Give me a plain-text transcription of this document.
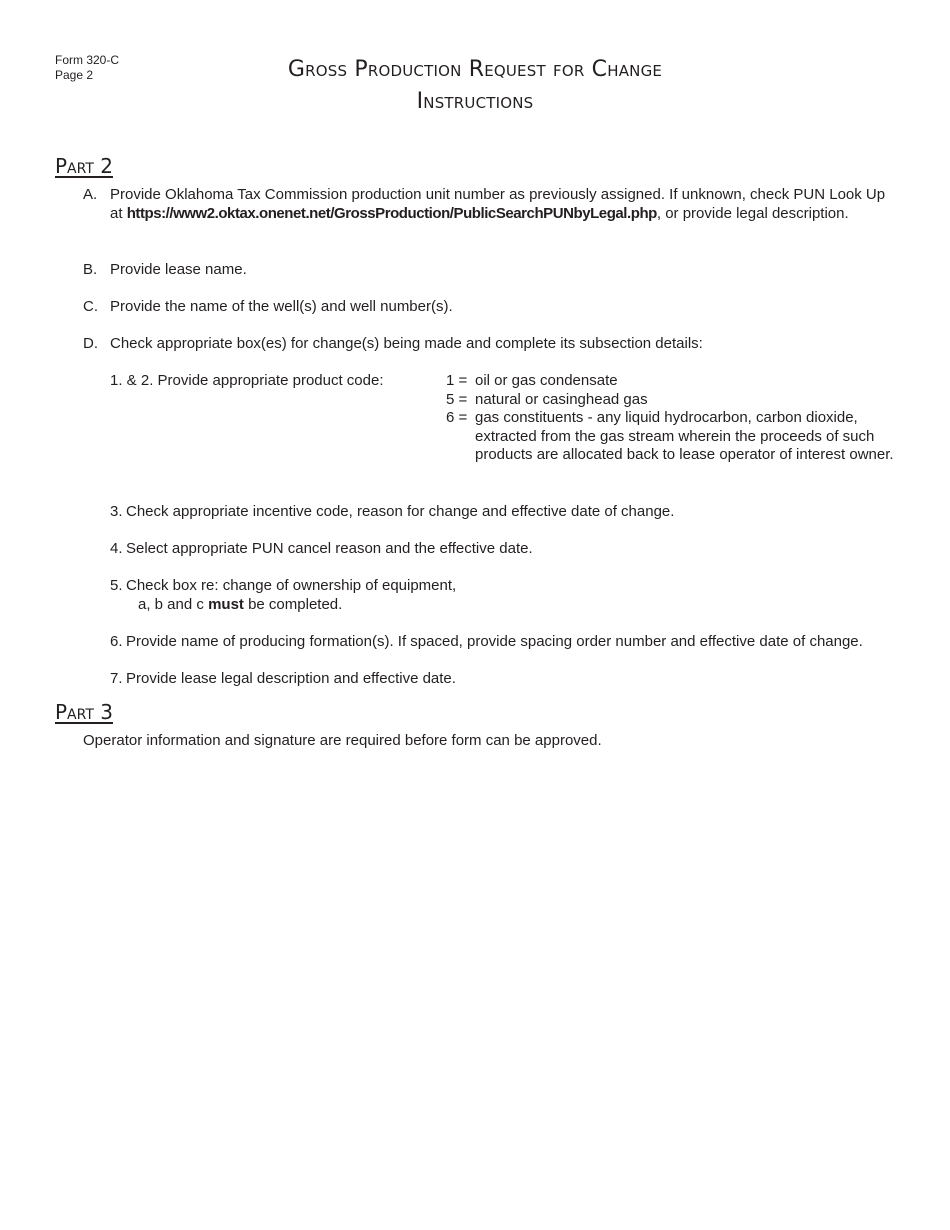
Form 320-C
Page 2	Gross Production Request for Change
Instructions
Part 2
A. Provide Oklahoma Tax Commission production unit number as previously assigned. If unknown, check PUN Look Up at https://www2.oktax.onenet.net/GrossProduction/PublicSearchPUNbyLegal.php, or provide legal description.
B. Provide lease name.
C. Provide the name of the well(s) and well number(s).
D. Check appropriate box(es) for change(s) being made and complete its subsection details:
1. & 2. Provide appropriate product code:	1 = oil or gas condensate
5 = natural or casinghead gas
6 = gas constituents - any liquid hydrocarbon, carbon dioxide, extracted from the gas stream wherein the proceeds of such products are allocated back to lease operator of interest owner.
3. Check appropriate incentive code, reason for change and effective date of change.
4. Select appropriate PUN cancel reason and the effective date.
5. Check box re: change of ownership of equipment,
a, b and c must be completed.
6. Provide name of producing formation(s). If spaced, provide spacing order number and effective date of change.
7. Provide lease legal description and effective date.
Part 3
Operator information and signature are required before form can be approved.
